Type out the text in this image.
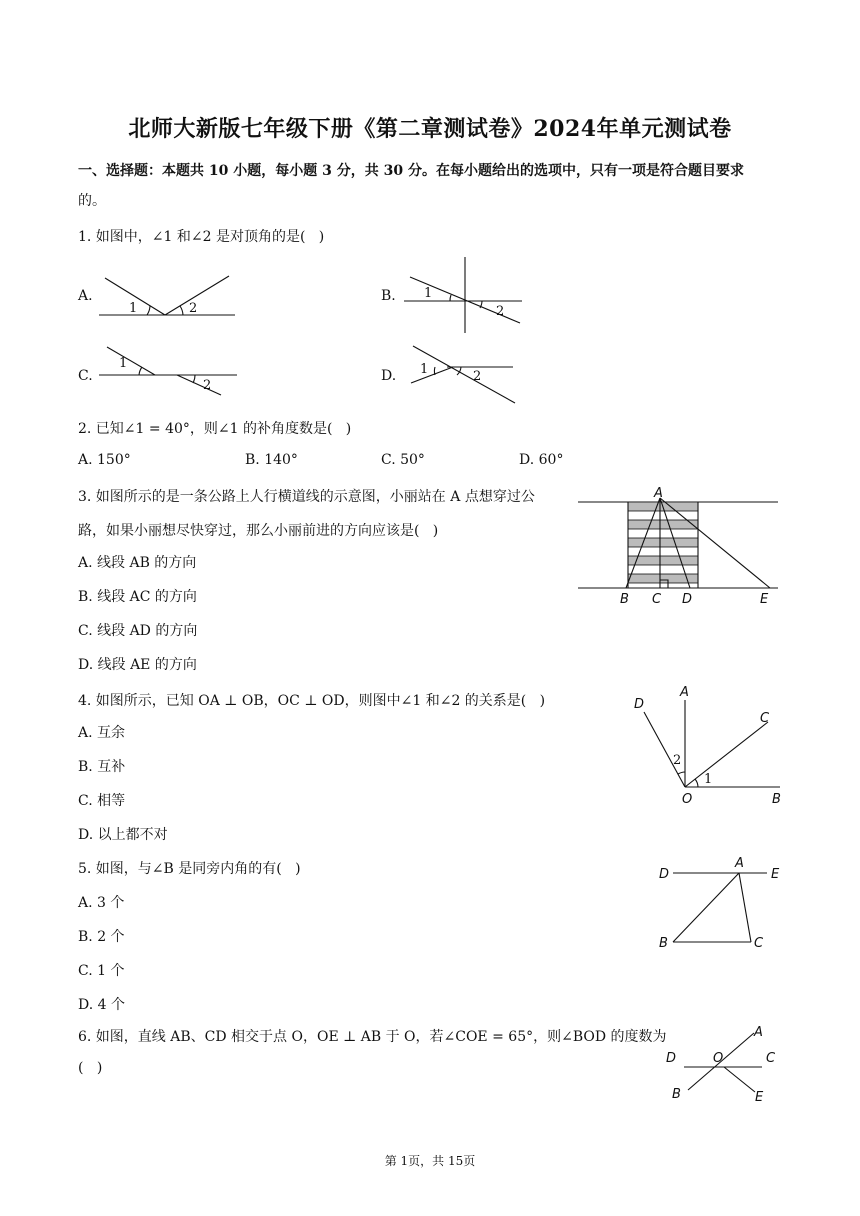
北师大新版七年级下册《第二章测试卷》2024年单元测试卷
一、选择题：本题共 10 小题，每小题 3 分，共 30 分。在每小题给出的选项中，只有一项是符合题目要求
的。
1. 如图中，∠1 和∠2 是对顶角的是(   )
A.	B.
C.	D.
1	2
1
2
1
2
1	2
2. 已知∠1 = 40°，则∠1 的补角度数是(   )
A. 150°	B. 140°	C. 50°	D. 60°
3. 如图所示的是一条公路上人行横道线的示意图，小丽站在 A 点想穿过公
路，如果小丽想尽快穿过，那么小丽前进的方向应该是(   )
A. 线段 AB 的方向
B. 线段 AC 的方向
C. 线段 AD 的方向
D. 线段 AE 的方向
A
B C D	E
4. 如图所示，已知 OA ⊥ OB，OC ⊥ OD，则图中∠1 和∠2 的关系是(   )
A. 互余
B. 互补
C. 相等
D. 以上都不对
1
2
A
B
C
D
O
5. 如图，与∠B 是同旁内角的有(   )
A. 3 个
B. 2 个
C. 1 个
D. 4 个
A
B	C
D	E
6. 如图，直线 AB、CD 相交于点 O，OE ⊥ AB 于 O，若∠COE = 65°，则∠BOD 的度数为
(   )
A
B
C
D
E
O
第 1页，共 15页
